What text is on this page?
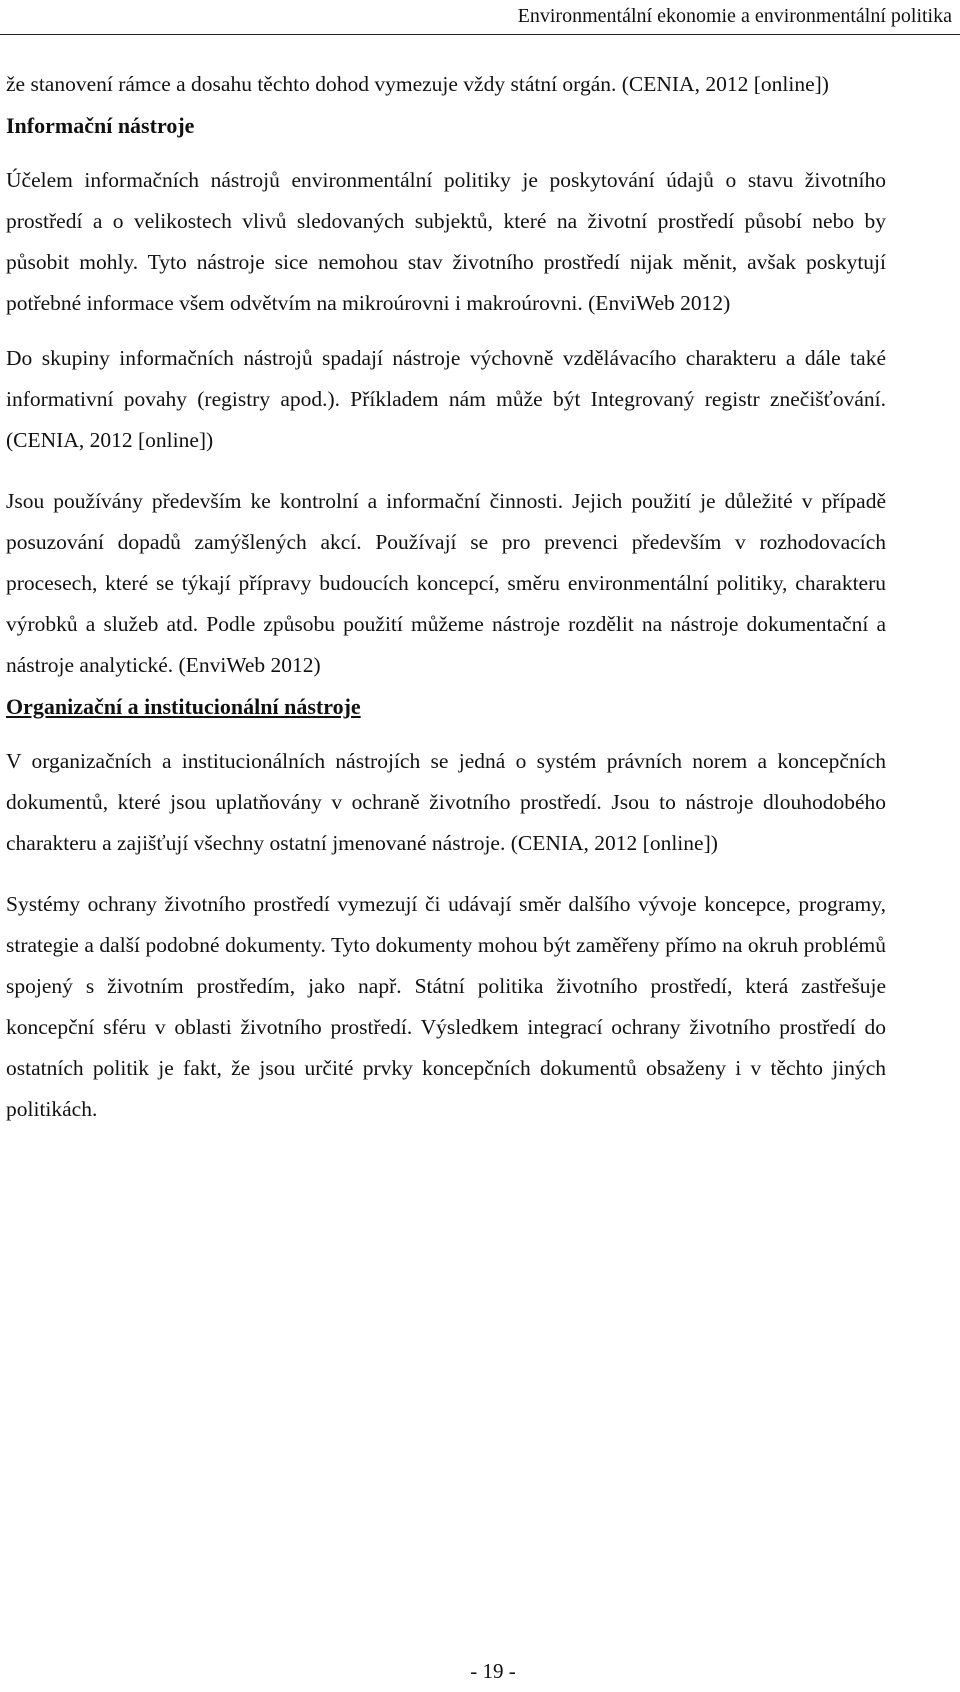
Environmentální ekonomie a environmentální politika

že stanovení rámce a dosahu těchto dohod vymezuje vždy státní orgán. (CENIA, 2012 [online])

Informační nástroje

Účelem informačních nástrojů environmentální politiky je poskytování údajů o stavu životního prostředí a o velikostech vlivů sledovaných subjektů, které na životní prostředí působí nebo by působit mohly. Tyto nástroje sice nemohou stav životního prostředí nijak měnit, avšak poskytují potřebné informace všem odvětvím na mikroúrovni i makroúrovni. (EnviWeb 2012)

Do skupiny informačních nástrojů spadají nástroje výchovně vzdělávacího charakteru a dále také informativní povahy (registry apod.). Příkladem nám může být Integrovaný registr znečišťování. (CENIA, 2012 [online])

Jsou používány především ke kontrolní a informační činnosti. Jejich použití je důležité v případě posuzování dopadů zamýšlených akcí. Používají se pro prevenci především v rozhodovacích procesech, které se týkají přípravy budoucích koncepcí, směru environmentální politiky, charakteru výrobků a služeb atd. Podle způsobu použití můžeme nástroje rozdělit na nástroje dokumentační a nástroje analytické. (EnviWeb 2012)

Organizační a institucionální nástroje

V organizačních a institucionálních nástrojích se jedná o systém právních norem a koncepčních dokumentů, které jsou uplatňovány v ochraně životního prostředí. Jsou to nástroje dlouhodobého charakteru a zajišťují všechny ostatní jmenované nástroje. (CENIA, 2012 [online])

Systémy ochrany životního prostředí vymezují či udávají směr dalšího vývoje koncepce, programy, strategie a další podobné dokumenty. Tyto dokumenty mohou být zaměřeny přímo na okruh problémů spojený s životním prostředím, jako např. Státní politika životního prostředí, která zastřešuje koncepční sféru v oblasti životního prostředí. Výsledkem integrací ochrany životního prostředí do ostatních politik je fakt, že jsou určité prvky koncepčních dokumentů obsaženy i v těchto jiných politikách.

- 19 -
